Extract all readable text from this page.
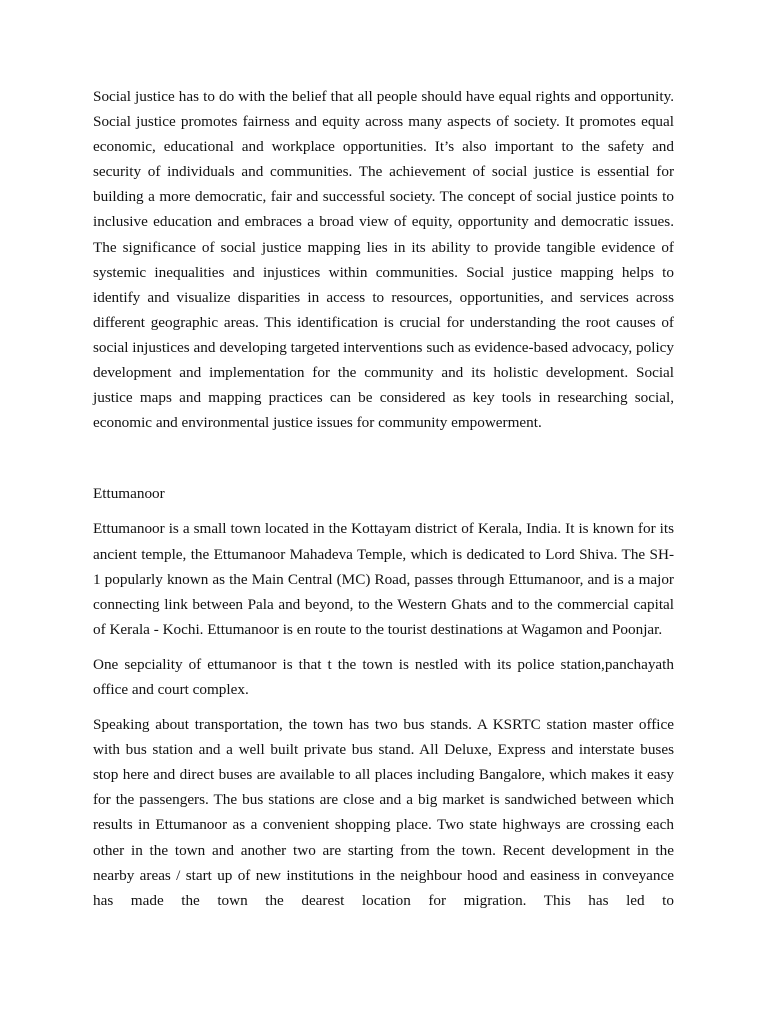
Social justice has to do with the belief that all people should have equal rights and opportunity. Social justice promotes fairness and equity across many aspects of society. It promotes equal economic, educational and workplace opportunities. It’s also important to the safety and security of individuals and communities. The achievement of social justice is essential for building a more democratic, fair and successful society. The concept of social justice points to inclusive education and embraces a broad view of equity, opportunity and democratic issues. The significance of social justice mapping lies in its ability to provide tangible evidence of systemic inequalities and injustices within communities. Social justice mapping helps to identify and visualize disparities in access to resources, opportunities, and services across different geographic areas. This identification is crucial for understanding the root causes of social injustices and developing targeted interventions such as evidence-based advocacy, policy development and implementation for the community and its holistic development. Social justice maps and mapping practices can be considered as key tools in researching social, economic and environmental justice issues for community empowerment.

Ettumanoor

Ettumanoor is a small town located in the Kottayam district of Kerala, India. It is known for its ancient temple, the Ettumanoor Mahadeva Temple, which is dedicated to Lord Shiva. The SH-1 popularly known as the Main Central (MC) Road, passes through Ettumanoor, and is a major connecting link between Pala and beyond, to the Western Ghats and to the commercial capital of Kerala - Kochi. Ettumanoor is en route to the tourist destinations at Wagamon and Poonjar.

One sepciality of ettumanoor is that t the town is nestled with its police station,panchayath office and court complex.

Speaking about transportation, the town has two bus stands. A KSRTC station master office with bus station and a well built private bus stand. All Deluxe, Express and interstate buses stop here and direct buses are available to all places including Bangalore, which makes it easy for the passengers. The bus stations are close and a big market is sandwiched between which results in Ettumanoor as a convenient shopping place. Two state highways are crossing each other in the town and another two are starting from the town. Recent development in the nearby areas / start up of new institutions in the neighbour hood and easiness in conveyance has made the town the dearest location for migration. This has led to
